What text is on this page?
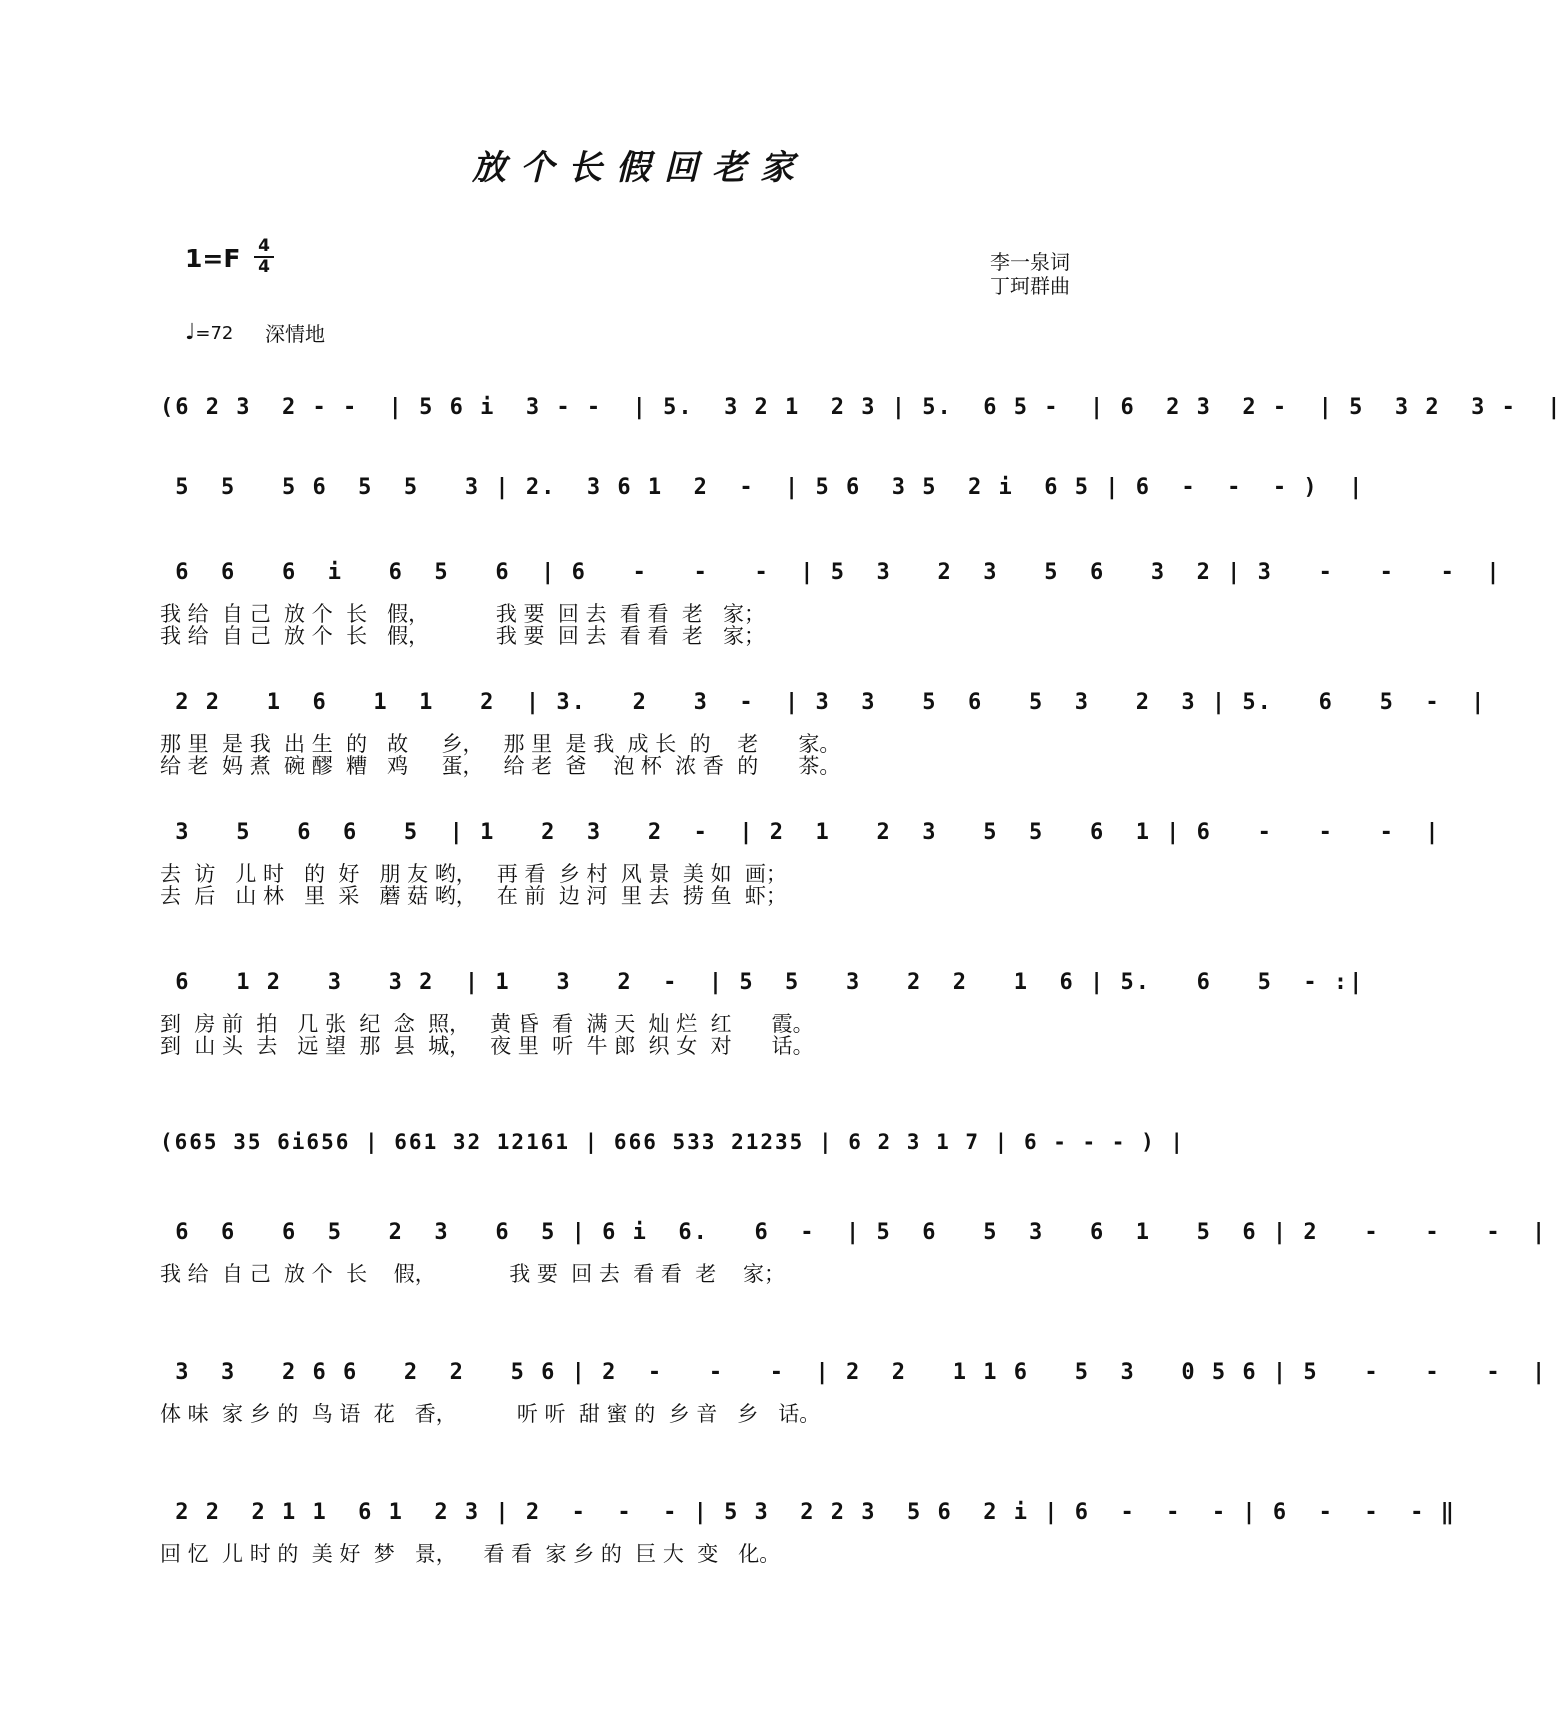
放个长假回老家
1=F 4
4	李一泉词
丁珂群曲
♩=72 深情地
(6 2 3  2 - -  | 5 6 i  3 - -  | 5.  3 2 1  2 3 | 5.  6 5 -  | 6  2 3  2 -  | 5  3 2  3 -  |
5  5   5 6  5  5   3 | 2.  3 6 1  2  -  | 5 6  3 5  2 i  6 5 | 6  -  -  - )  |
6  6   6  i   6  5   6  | 6   -   -   -  | 5  3   2  3   5  6   3  2 | 3   -   -   -  |
我 给  自 己  放 个  长   假，          我 要  回 去  看 看  老   家；
我 给  自 己  放 个  长   假，          我 要  回 去  看 看  老   家；
2 2   1  6   1  1   2  | 3.   2   3  -  | 3  3   5  6   5  3   2  3 | 5.   6   5  -  |
那 里  是 我  出 生  的   故     乡，   那 里  是 我  成 长  的    老      家。
给 老  妈 煮  碗 醪  糟   鸡     蛋，   给 老  爸    泡 杯  浓 香  的      茶。
3   5   6  6   5  | 1   2  3   2  -  | 2  1   2  3   5  5   6  1 | 6   -   -   -  |
去  访   儿 时   的  好   朋 友 哟，   再 看  乡 村  风 景  美 如  画；
去  后   山 林   里  采   蘑 菇 哟，   在 前  边 河  里 去  捞 鱼  虾；
6   1 2   3   3 2  | 1   3   2  -  | 5  5   3   2  2   1  6 | 5.   6   5  - :|
到  房 前  拍   几 张  纪  念  照，   黄 昏  看  满 天  灿 烂  红      霞。
到  山 头  去   远 望  那  县  城，   夜 里  听  牛 郎  织 女  对      话。
(665 35 6i656 | 661 32 12161 | 666 533 21235 | 6 2 3 1 7 | 6 - - - ) |
6  6   6  5   2  3   6  5 | 6 i  6.   6  -  | 5  6   5  3   6  1   5  6 | 2   -   -   -  |
我 给  自 己  放 个  长    假，           我 要  回 去  看 看  老    家；
3  3   2 6 6   2  2   5 6 | 2  -   -   -  | 2  2   1 1 6   5  3   0 5 6 | 5   -   -   -  |
体 味  家 乡 的  鸟 语  花   香，         听 听  甜 蜜 的  乡 音   乡   话。
2 2  2 1 1  6 1  2 3 | 2  -  -  - | 5 3  2 2 3  5 6  2 i | 6  -  -  - | 6  -  -  - ‖
回 忆  儿 时 的  美 好  梦   景，    看 看  家 乡 的  巨 大  变   化。
